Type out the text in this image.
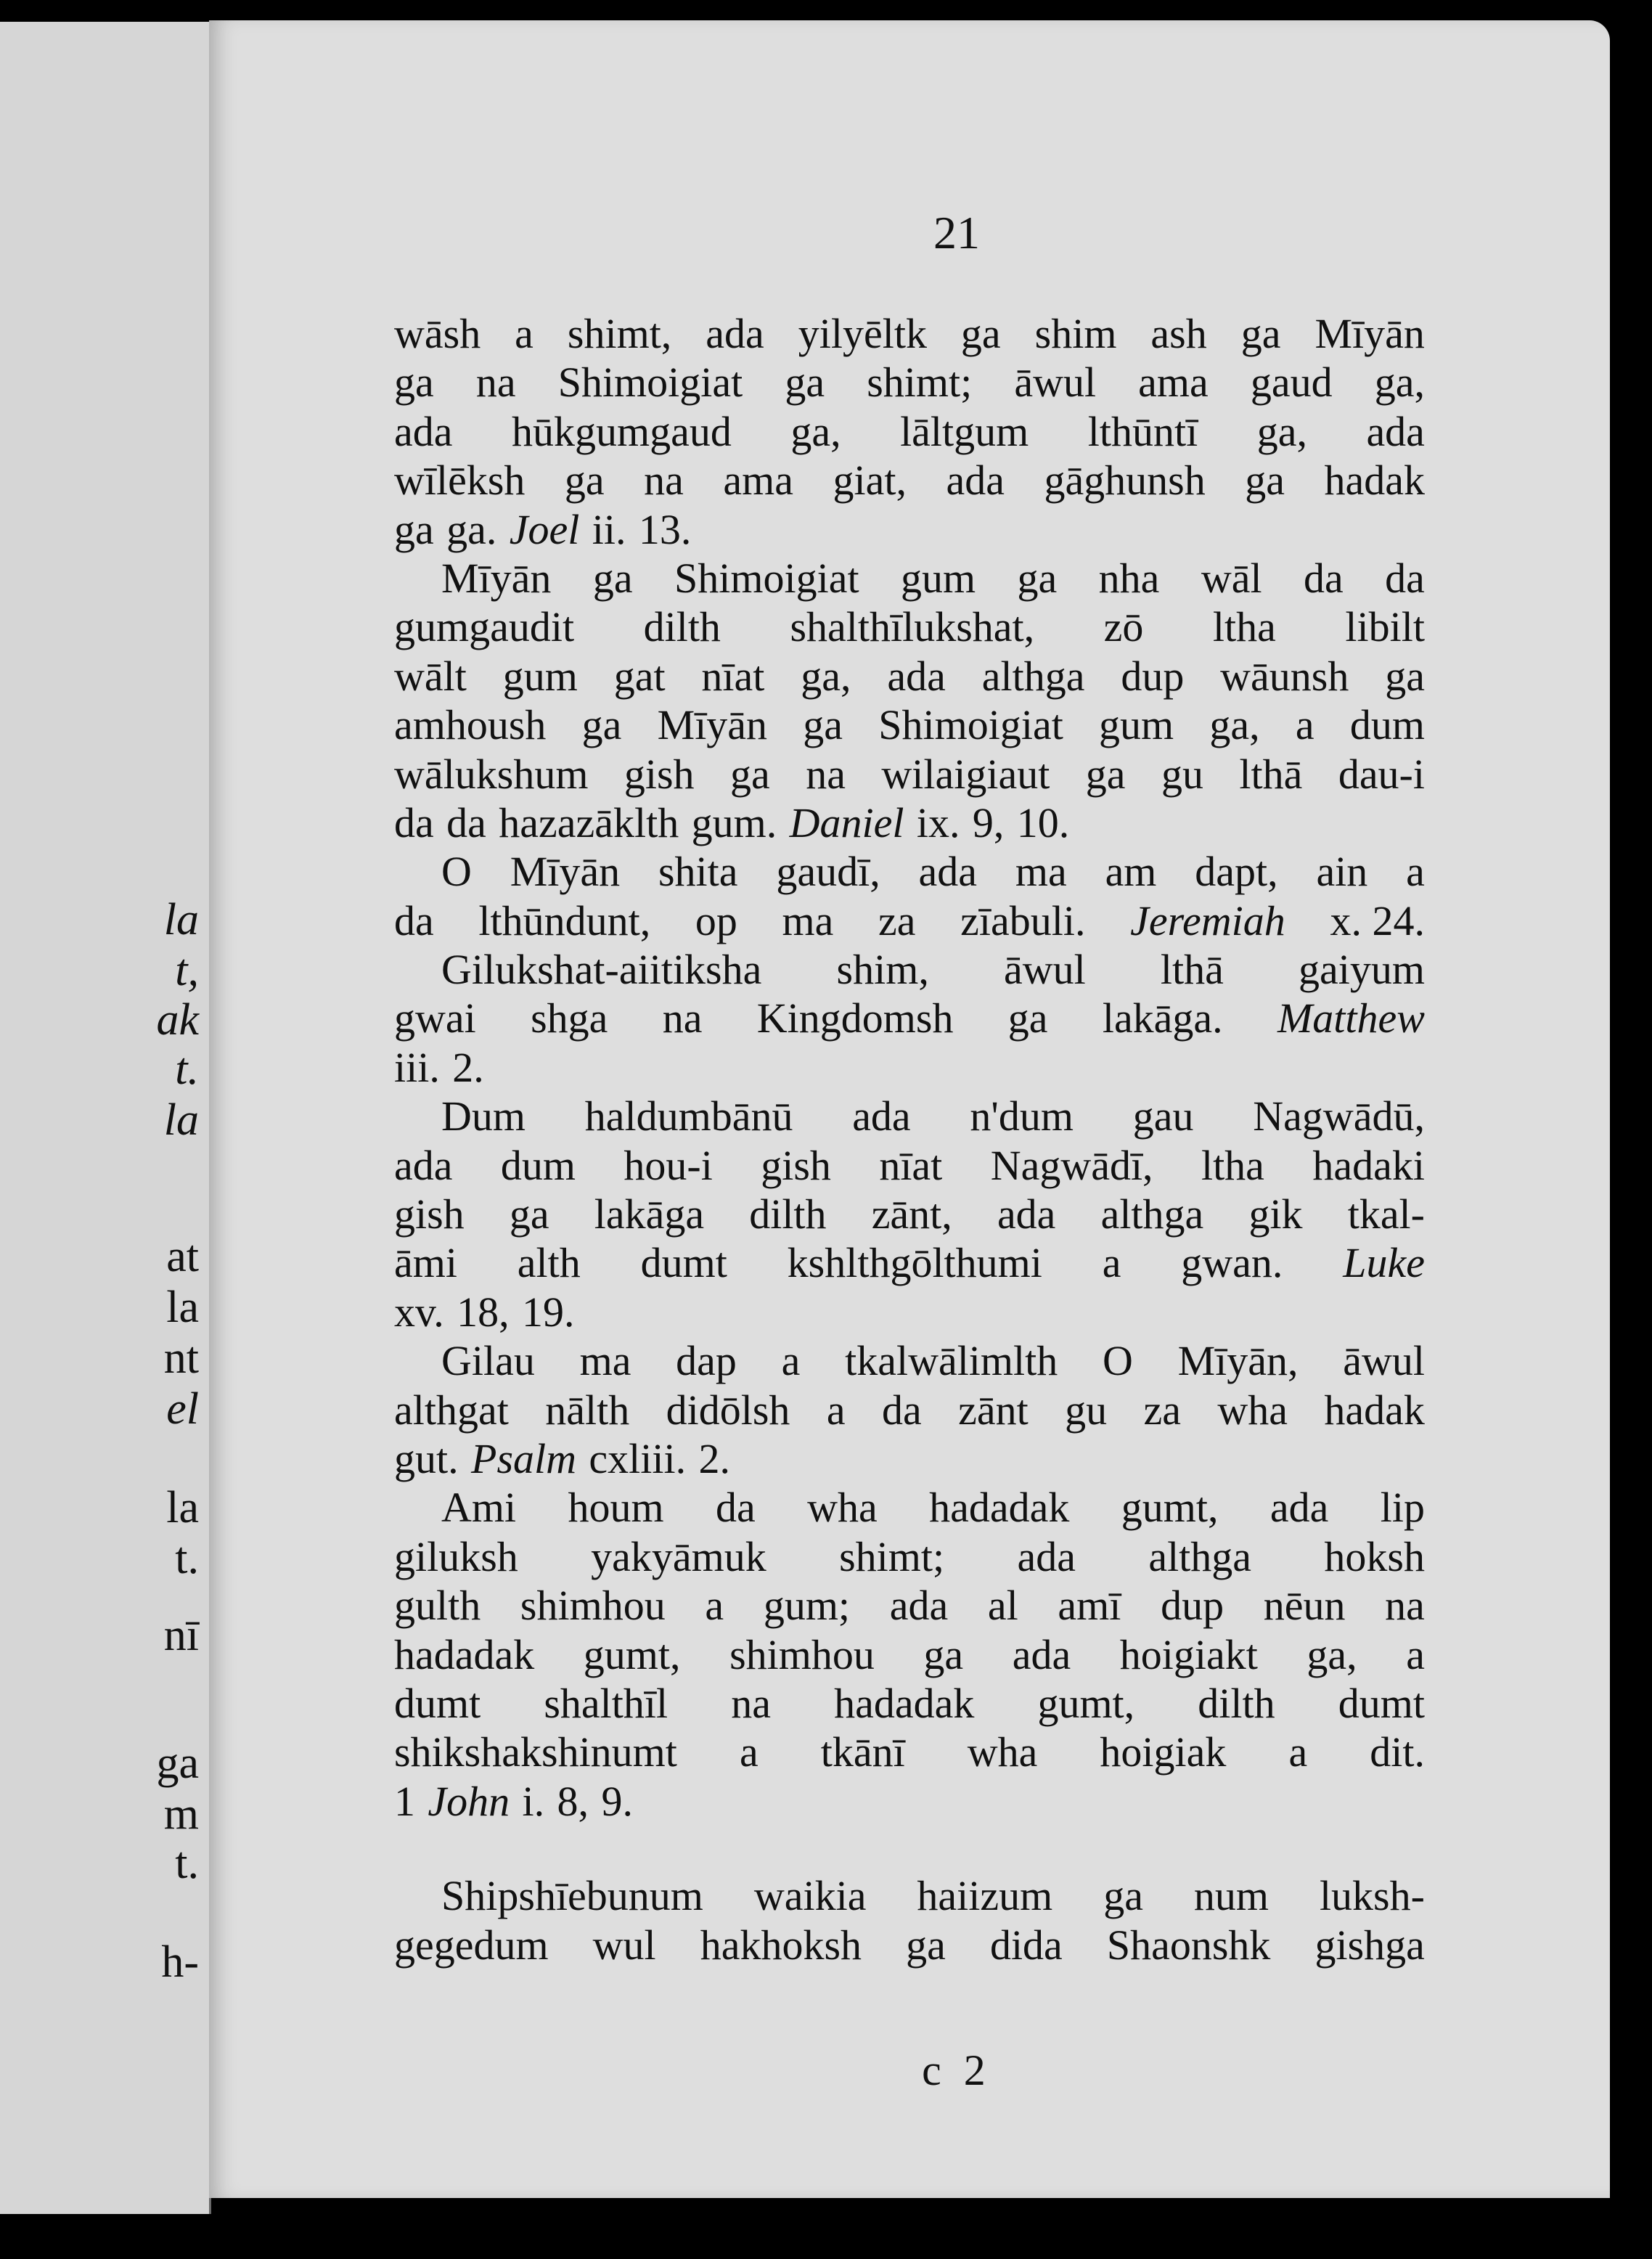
la
t,
ak
t.
la
at
la
nt
el
la
t.
nī
ga
m
t.
h-
21
wāsh a shimt, ada yilyēltk ga shim ash ga Mīyān
ga na Shimoigiat ga shimt; āwul ama gaud ga,
ada hūkgumgaud ga, lāltgum lthūntī ga, ada
wīlēksh ga na ama giat, ada gāghunsh ga hadak
ga ga. Joel ii. 13.
Mīyān ga Shimoigiat gum ga nha wāl da da
gumgaudit dilth shalthīlukshat, zō ltha libilt
wālt gum gat nīat ga, ada althga dup wāunsh ga
amhoush ga Mīyān ga Shimoigiat gum ga, a dum
wālukshum gish ga na wilaigiaut ga gu lthā dau-i
da da hazazāklth gum. Daniel ix. 9, 10.
O Mīyān shita gaudī, ada ma am dapt, ain a
da lthūndunt, op ma za zīabuli. Jeremiah x. 24.
Gilukshat-aiitiksha shim, āwul lthā gaiyum
gwai shga na Kingdomsh ga lakāga. Matthew
iii. 2.
Dum haldumbānū ada n'dum gau Nagwādū,
ada dum hou-i gish nīat Nagwādī, ltha hadaki
gish ga lakāga dilth zānt, ada althga gik tkal-
āmi alth dumt kshlthgōlthumi a gwan. Luke
xv. 18, 19.
Gilau ma dap a tkalwālimlth O Mīyān, āwul
althgat nālth didōlsh a da zānt gu za wha hadak
gut. Psalm cxliii. 2.
Ami houm da wha hadadak gumt, ada lip
giluksh yakyāmuk shimt; ada althga hoksh
gulth shimhou a gum; ada al amī dup nēun na
hadadak gumt, shimhou ga ada hoigiakt ga, a
dumt shalthīl na hadadak gumt, dilth dumt
shikshakshinumt a tkānī wha hoigiak a dit.
1 John i. 8, 9.
Shipshīebunum waikia haiizum ga num luksh-
gegedum wul hakhoksh ga dida Shaonshk gishga
c 2
